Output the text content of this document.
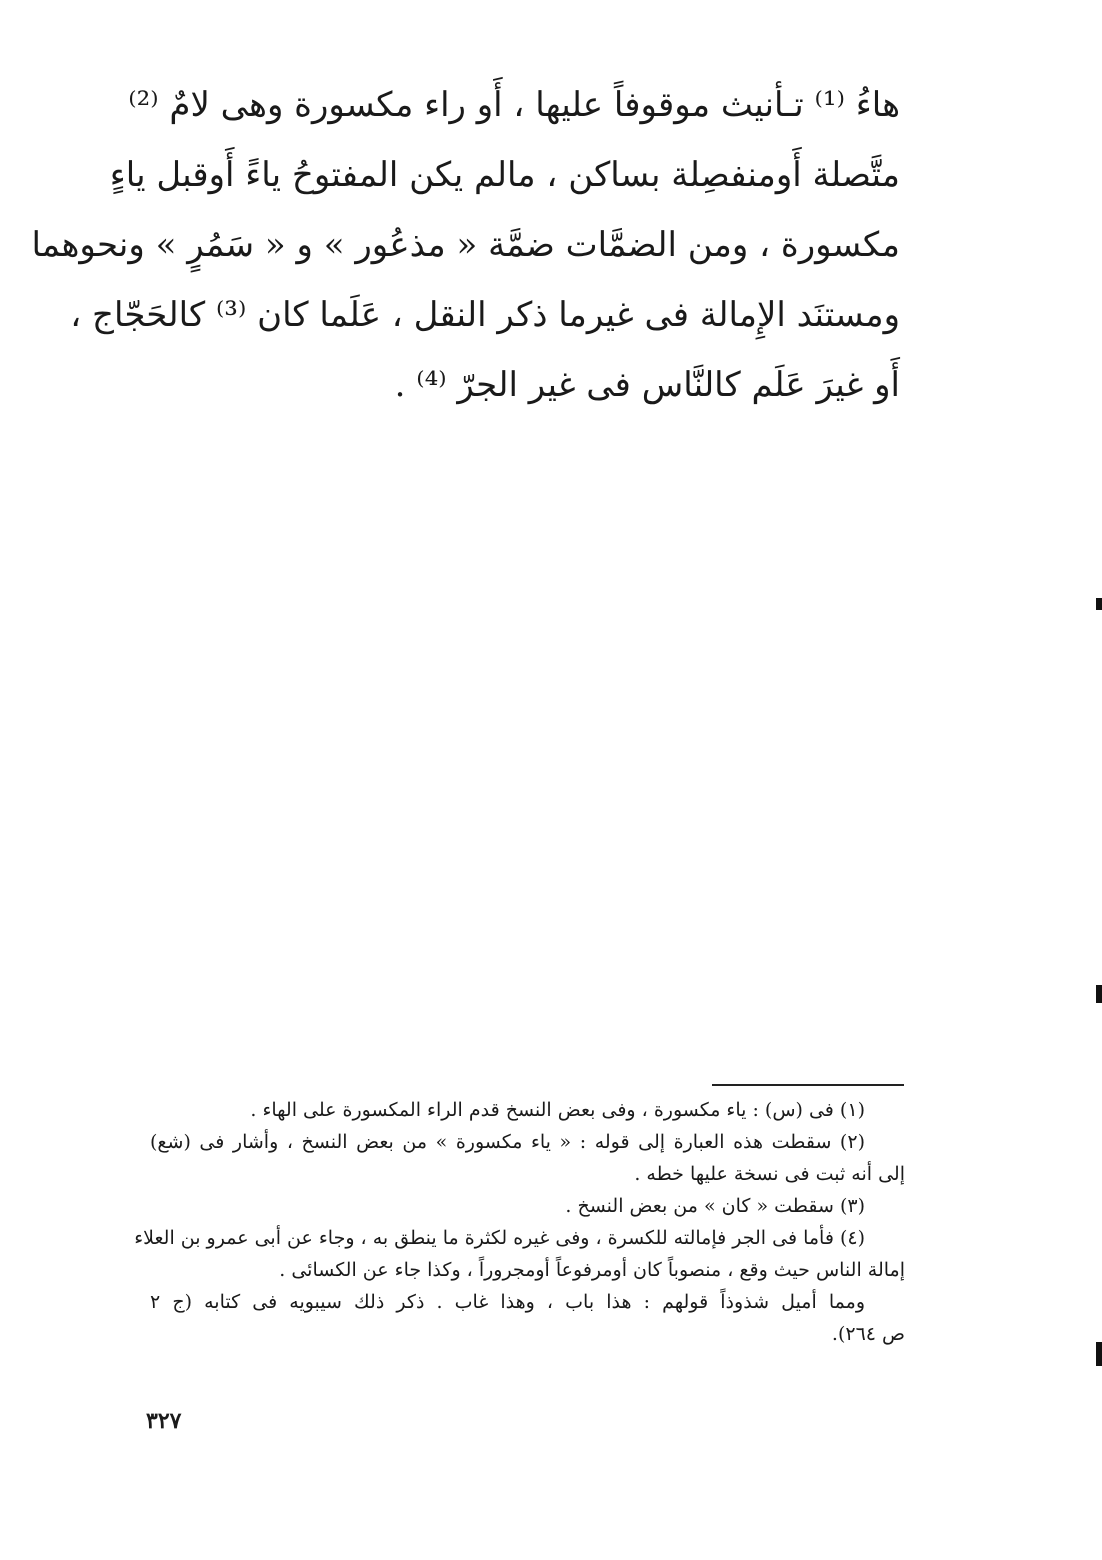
هاءُ ⁽¹⁾ تـأنيث موقوفاً عليها ، أَو راء مكسورة وهى لامٌ ⁽²⁾
متَّصلة أَومنفصِلة بساكن ، مالم يكن المفتوحُ ياءً أَوقبل ياءٍ
مكسورة ، ومن الضمَّات ضمَّة « مذعُور » و « سَمُرٍ » ونحوهما
ومستنَد الإِمالة فى غيرما ذكر النقل ، عَلَما كان ⁽³⁾ كالحَجّاج ،
أَو غيرَ عَلَم كالنَّاس فى غير الجرّ ⁽⁴⁾ .
(١) فى (س) : ياء مكسورة ، وفى بعض النسخ قدم الراء المكسورة على الهاء .
(٢) سقطت هذه العبارة إلى قوله : « ياء مكسورة » من بعض النسخ ، وأشار فى (شع)
إلى أنه ثبت فى نسخة عليها خطه .
(٣) سقطت « كان » من بعض النسخ .
(٤) فأما فى الجر فإمالته للكسرة ، وفى غيره لكثرة ما ينطق به ، وجاء عن أبى عمرو بن العلاء
إمالة الناس حيث وقع ، منصوباً كان أومرفوعاً أومجروراً ، وكذا جاء عن الكسائى .
ومما أميل شذوذاً قولهم : هذا باب ، وهذا غاب . ذكر ذلك سيبويه فى كتابه (ج ٢
ص ٢٦٤).
٣٢٧
